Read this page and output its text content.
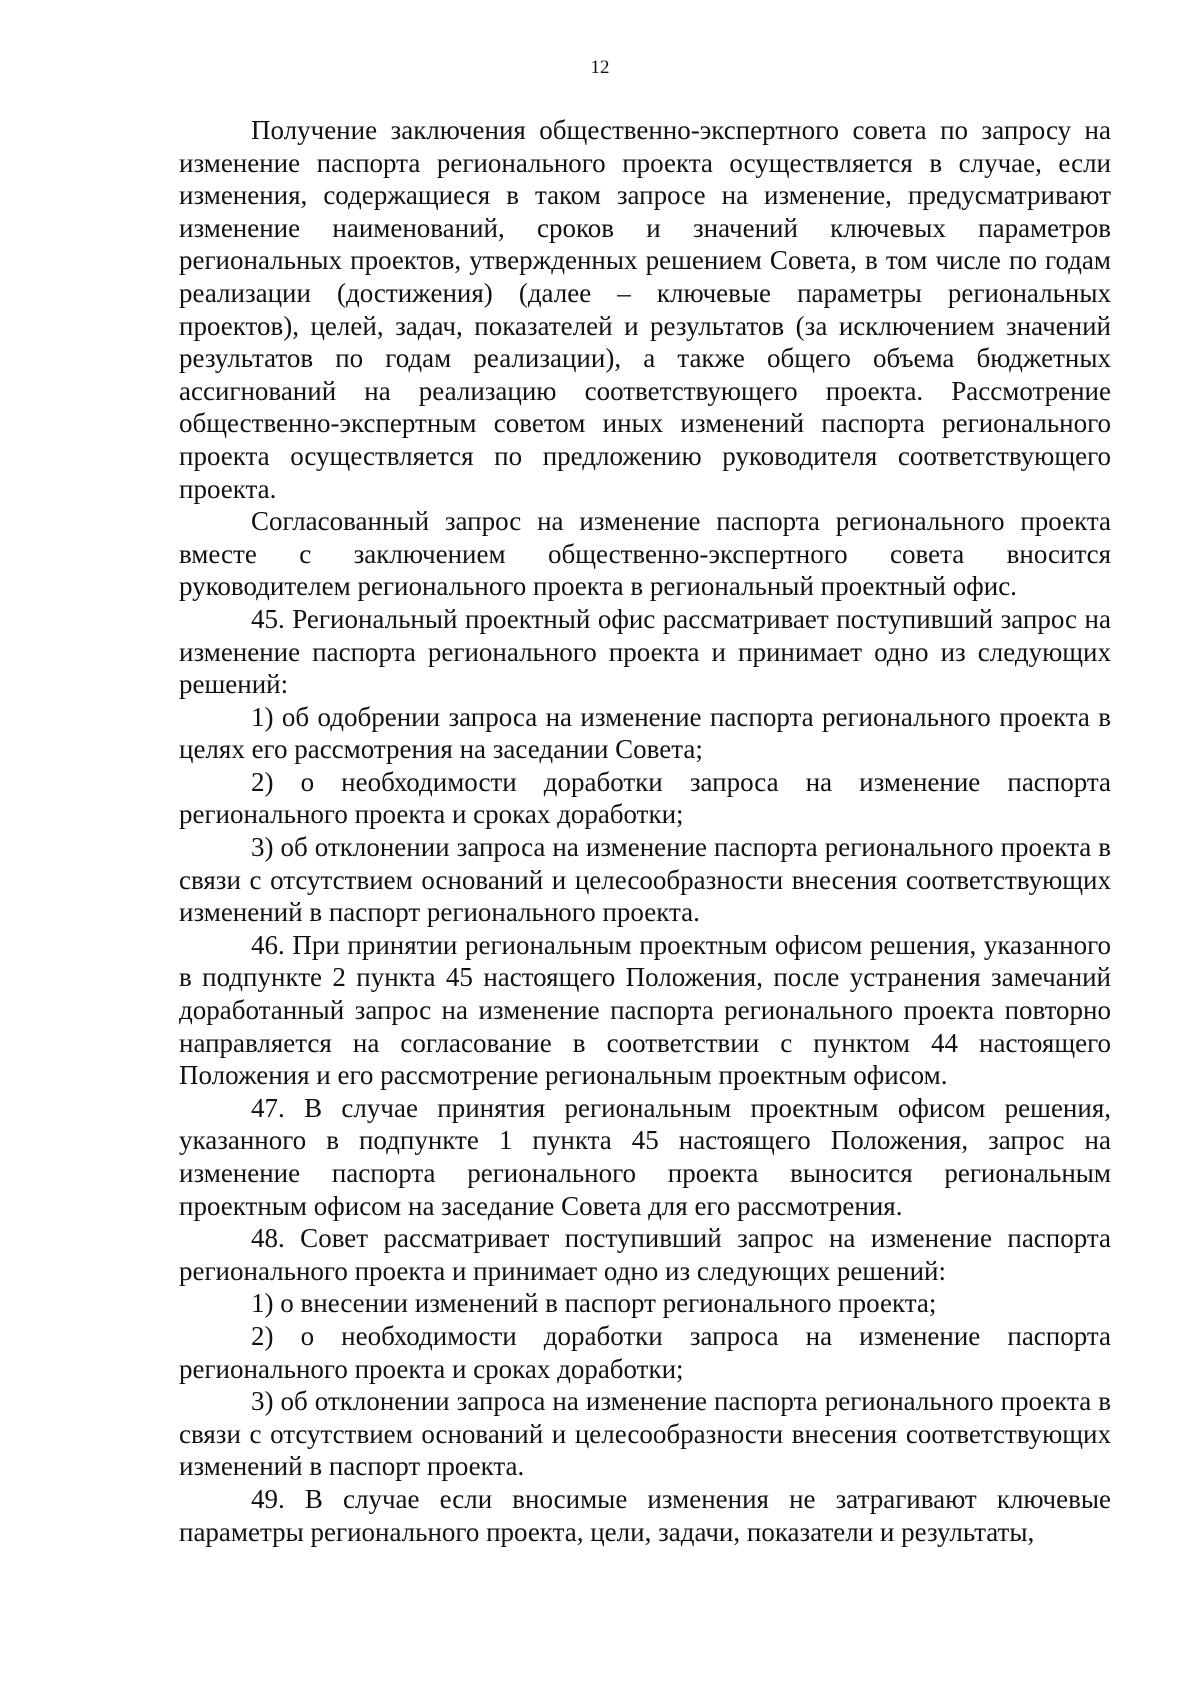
12

Получение заключения общественно-экспертного совета по запросу на изменение паспорта регионального проекта осуществляется в случае, если изменения, содержащиеся в таком запросе на изменение, предусматривают изменение наименований, сроков и значений ключевых параметров региональных проектов, утвержденных решением Совета, в том числе по годам реализации (достижения) (далее – ключевые параметры региональных проектов), целей, задач, показателей и результатов (за исключением значений результатов по годам реализации), а также общего объема бюджетных ассигнований на реализацию соответствующего проекта. Рассмотрение общественно-экспертным советом иных изменений паспорта регионального проекта осуществляется по предложению руководителя соответствующего проекта.

Согласованный запрос на изменение паспорта регионального проекта вместе с заключением общественно-экспертного совета вносится руководителем регионального проекта в региональный проектный офис.

45. Региональный проектный офис рассматривает поступивший запрос на изменение паспорта регионального проекта и принимает одно из следующих решений:

1) об одобрении запроса на изменение паспорта регионального проекта в целях его рассмотрения на заседании Совета;

2) о необходимости доработки запроса на изменение паспорта регионального проекта и сроках доработки;

3) об отклонении запроса на изменение паспорта регионального проекта в связи с отсутствием оснований и целесообразности внесения соответствующих изменений в паспорт регионального проекта.

46. При принятии региональным проектным офисом решения, указанного в подпункте 2 пункта 45 настоящего Положения, после устранения замечаний доработанный запрос на изменение паспорта регионального проекта повторно направляется на согласование в соответствии с пунктом 44 настоящего Положения и его рассмотрение региональным проектным офисом.

47. В случае принятия региональным проектным офисом решения, указанного в подпункте 1 пункта 45 настоящего Положения, запрос на изменение паспорта регионального проекта выносится региональным проектным офисом на заседание Совета для его рассмотрения.

48. Совет рассматривает поступивший запрос на изменение паспорта регионального проекта и принимает одно из следующих решений:

1) о внесении изменений в паспорт регионального проекта;

2) о необходимости доработки запроса на изменение паспорта регионального проекта и сроках доработки;

3) об отклонении запроса на изменение паспорта регионального проекта в связи с отсутствием оснований и целесообразности внесения соответствующих изменений в паспорт проекта.

49. В случае если вносимые изменения не затрагивают ключевые параметры регионального проекта, цели, задачи, показатели и результаты,
